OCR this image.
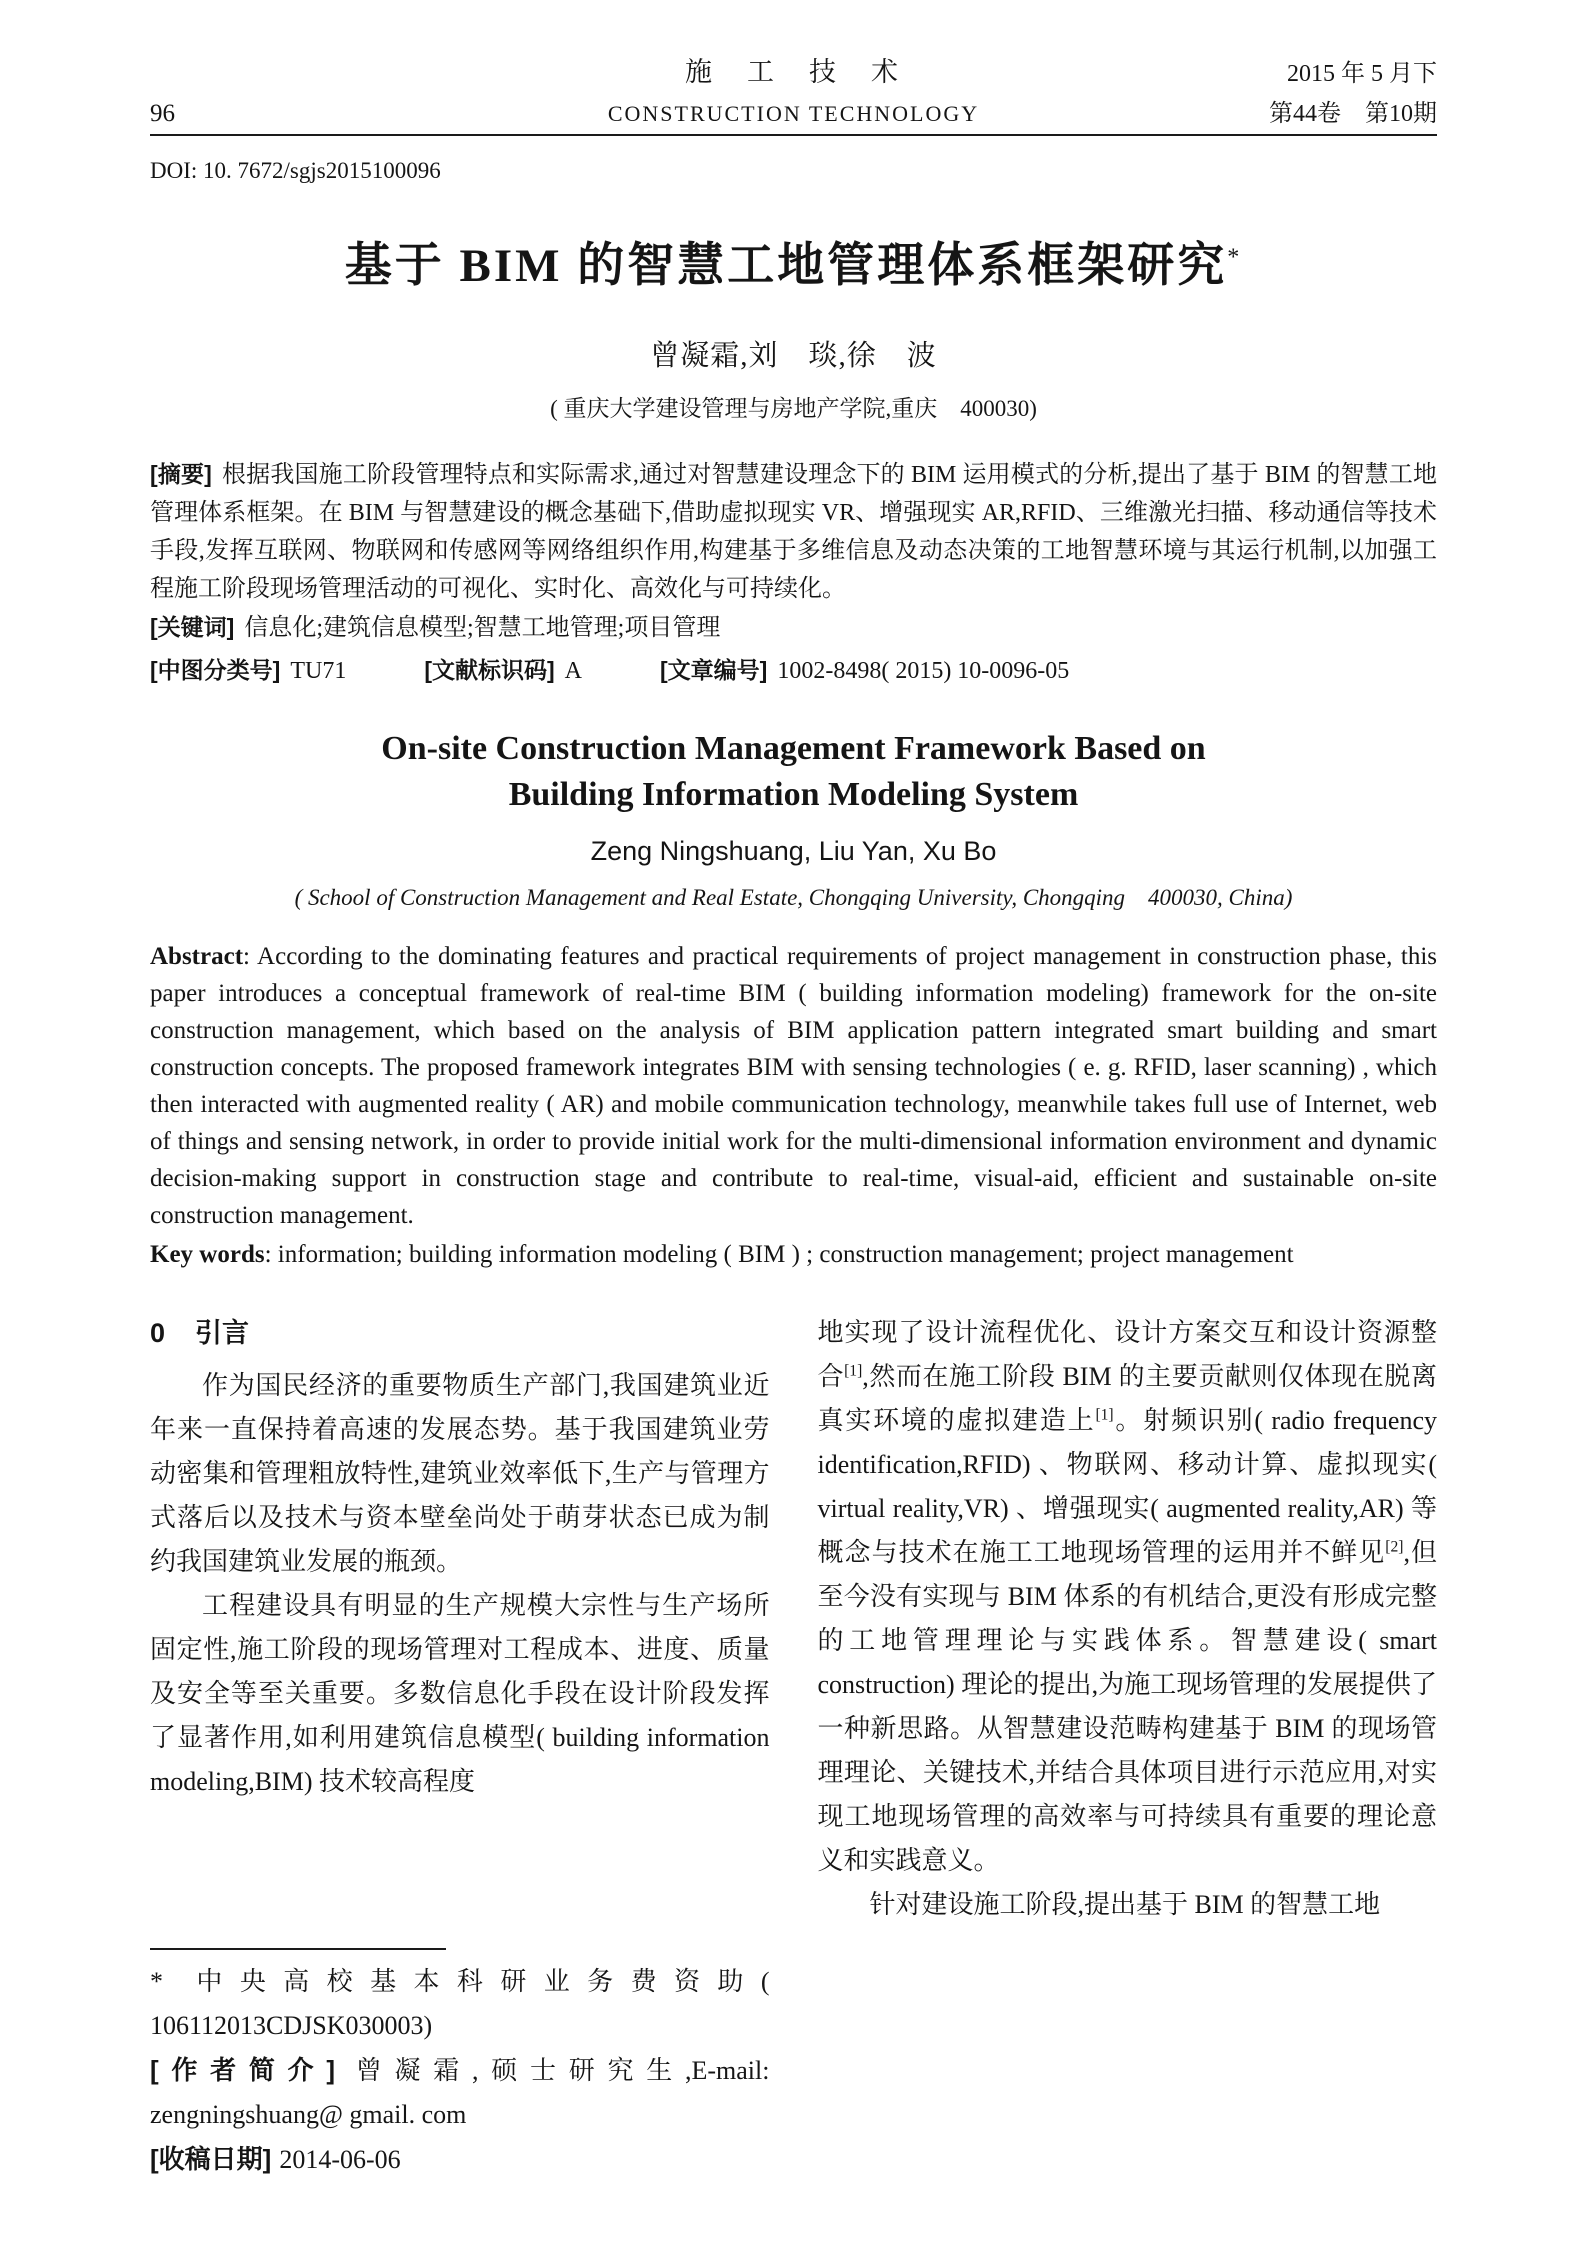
施　工　技　术	2015 年 5 月下
96	CONSTRUCTION TECHNOLOGY	第44卷　第10期
DOI: 10. 7672/sgjs2015100096
基于 BIM 的智慧工地管理体系框架研究*
曾凝霜,刘　琰,徐　波
( 重庆大学建设管理与房地产学院,重庆　400030)

[摘要] 根据我国施工阶段管理特点和实际需求,通过对智慧建设理念下的 BIM 运用模式的分析,提出了基于 BIM 的智慧工地管理体系框架。在 BIM 与智慧建设的概念基础下,借助虚拟现实 VR、增强现实 AR,RFID、三维激光扫描、移动通信等技术手段,发挥互联网、物联网和传感网等网络组织作用,构建基于多维信息及动态决策的工地智慧环境与其运行机制,以加强工程施工阶段现场管理活动的可视化、实时化、高效化与可持续化。

[关键词] 信息化;建筑信息模型;智慧工地管理;项目管理

[中图分类号] TU71	[文献标识码] A	[文章编号] 1002-8498( 2015) 10-0096-05
On-site Construction Management Framework Based on
Building Information Modeling System
Zeng Ningshuang, Liu Yan, Xu Bo
( School of Construction Management and Real Estate, Chongqing University, Chongqing　400030, China)

Abstract: According to the dominating features and practical requirements of project management in construction phase, this paper introduces a conceptual framework of real-time BIM ( building information modeling) framework for the on-site construction management, which based on the analysis of BIM application pattern integrated smart building and smart construction concepts. The proposed framework integrates BIM with sensing technologies ( e. g. RFID, laser scanning) , which then interacted with augmented reality ( AR) and mobile communication technology, meanwhile takes full use of Internet, web of things and sensing network, in order to provide initial work for the multi-dimensional information environment and dynamic decision-making support in construction stage and contribute to real-time, visual-aid, efficient and sustainable on-site construction management.

Key words: information; building information modeling ( BIM ) ; construction management; project management

0 引言

作为国民经济的重要物质生产部门,我国建筑业近年来一直保持着高速的发展态势。基于我国建筑业劳动密集和管理粗放特性,建筑业效率低下,生产与管理方式落后以及技术与资本壁垒尚处于萌芽状态已成为制约我国建筑业发展的瓶颈。

工程建设具有明显的生产规模大宗性与生产场所固定性,施工阶段的现场管理对工程成本、进度、质量及安全等至关重要。多数信息化手段在设计阶段发挥了显著作用,如利用建筑信息模型( building information modeling,BIM) 技术较高程度

* 中央高校基本科研业务费资助( 106112013CDJSK030003)

[作者简介] 曾凝霜,硕士研究生,E-mail: zengningshuang@ gmail. com

[收稿日期] 2014-06-06

地实现了设计流程优化、设计方案交互和设计资源整合[1],然而在施工阶段 BIM 的主要贡献则仅体现在脱离真实环境的虚拟建造上[1]。射频识别( radio frequency identification,RFID) 、物联网、移动计算、虚拟现实( virtual reality,VR) 、增强现实( augmented reality,AR) 等概念与技术在施工工地现场管理的运用并不鲜见[2],但至今没有实现与 BIM 体系的有机结合,更没有形成完整的工地管理理论与实践体系。智慧建设( smart construction) 理论的提出,为施工现场管理的发展提供了一种新思路。从智慧建设范畴构建基于 BIM 的现场管理理论、关键技术,并结合具体项目进行示范应用,对实现工地现场管理的高效率与可持续具有重要的理论意义和实践意义。

针对建设施工阶段,提出基于 BIM 的智慧工地
